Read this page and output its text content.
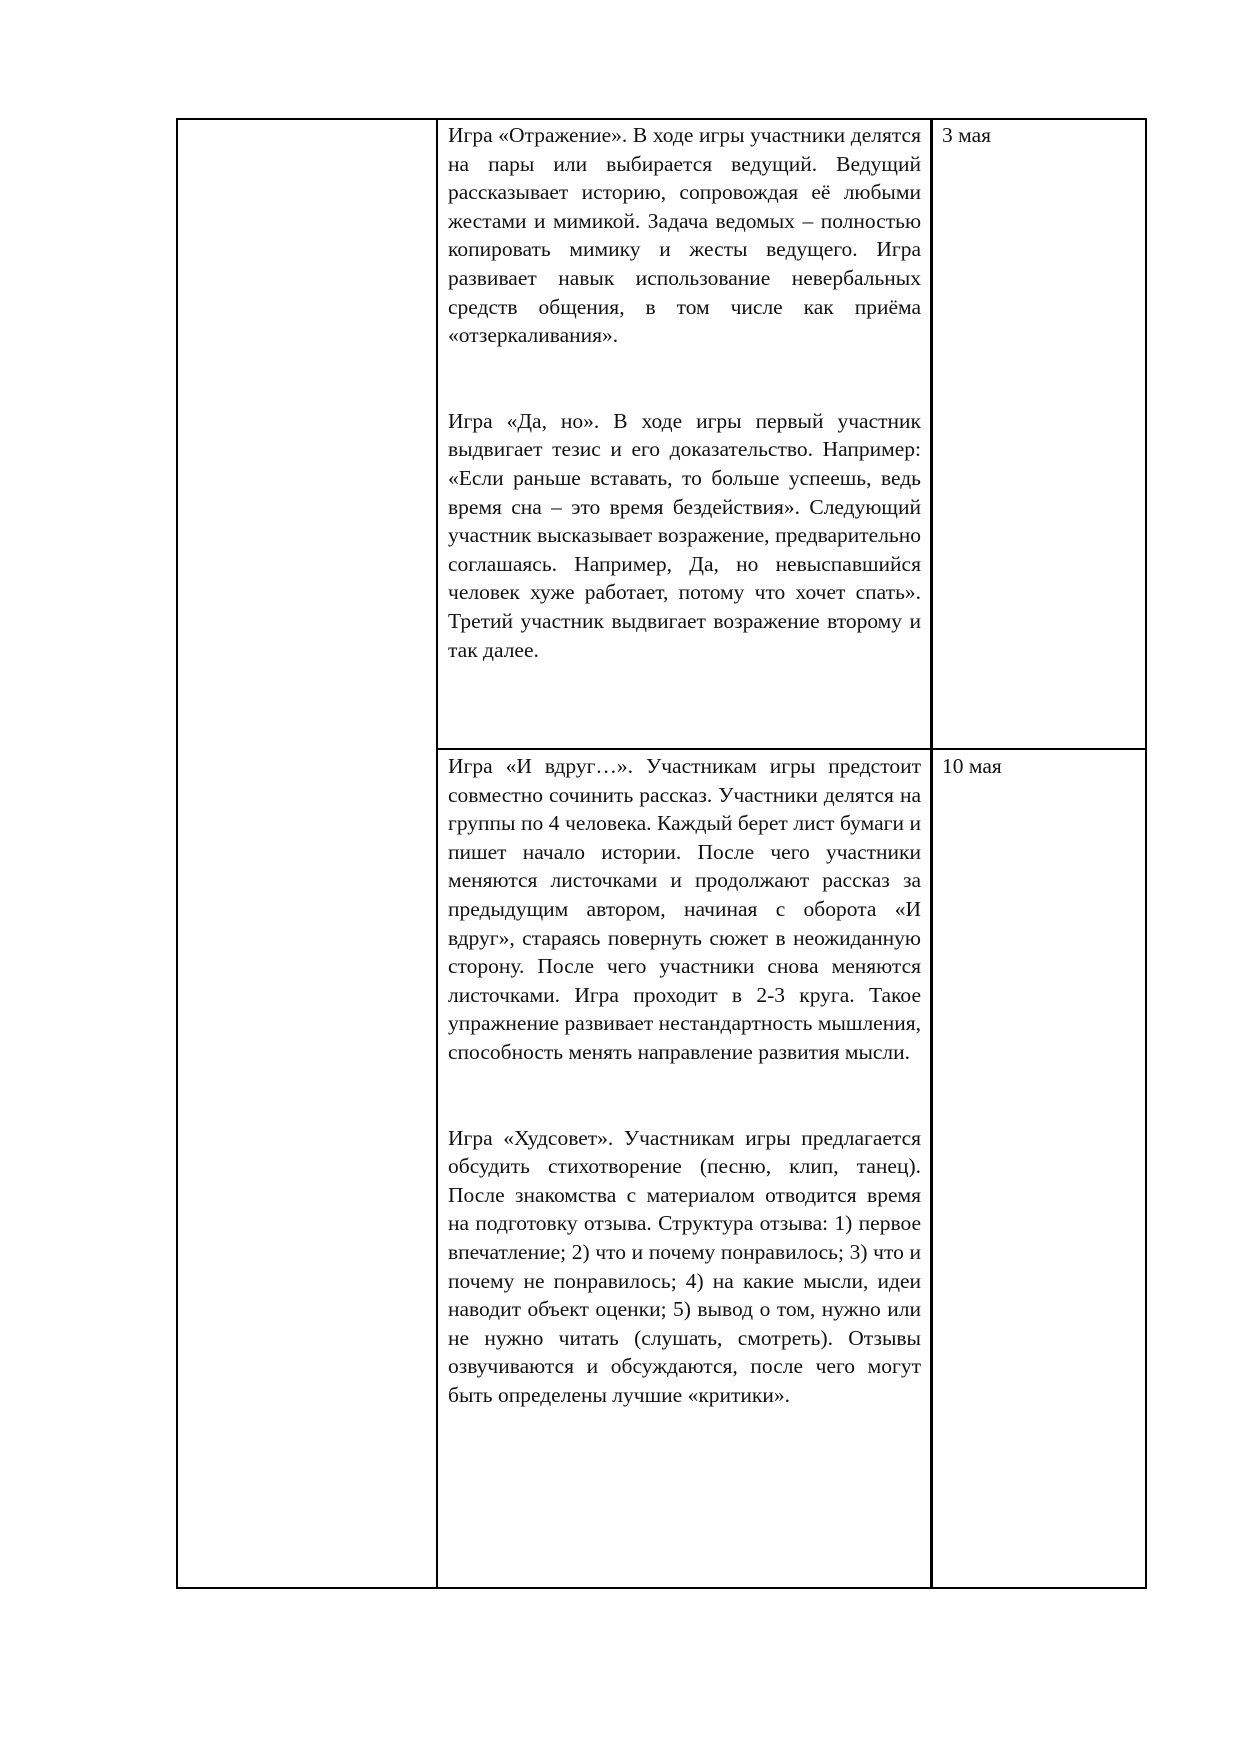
Игра «Отражение». В ходе игры участники делятся на пары или выбирается ведущий. Ведущий рассказывает историю, сопровождая её любыми жестами и мимикой. Задача ведомых – полностью копировать мимику и жесты ведущего. Игра развивает навык использование невербальных средств общения, в том числе как приёма «отзеркаливания».

Игра «Да, но». В ходе игры первый участник выдвигает тезис и его доказательство. Например: «Если раньше вставать, то больше успеешь, ведь время сна – это время бездействия». Следующий участник высказывает возражение, предварительно соглашаясь. Например, Да, но невыспавшийся человек хуже работает, потому что хочет спать». Третий участник выдвигает возражение второму и так далее.

3 мая

Игра «И вдруг…». Участникам игры предстоит совместно сочинить рассказ. Участники делятся на группы по 4 человека. Каждый берет лист бумаги и пишет начало истории. После чего участники меняются листочками и продолжают рассказ за предыдущим автором, начиная с оборота «И вдруг», стараясь повернуть сюжет в неожиданную сторону. После чего участники снова меняются листочками. Игра проходит в 2-3 круга. Такое упражнение развивает нестандартность мышления, способность менять направление развития мысли.

Игра «Худсовет». Участникам игры предлагается обсудить стихотворение (песню, клип, танец). После знакомства с материалом отводится время на подготовку отзыва. Структура отзыва: 1) первое впечатление; 2) что и почему понравилось; 3) что и почему не понравилось; 4) на какие мысли, идеи наводит объект оценки; 5) вывод о том, нужно или не нужно читать (слушать, смотреть). Отзывы озвучиваются и обсуждаются, после чего могут быть определены лучшие «критики».

10 мая
